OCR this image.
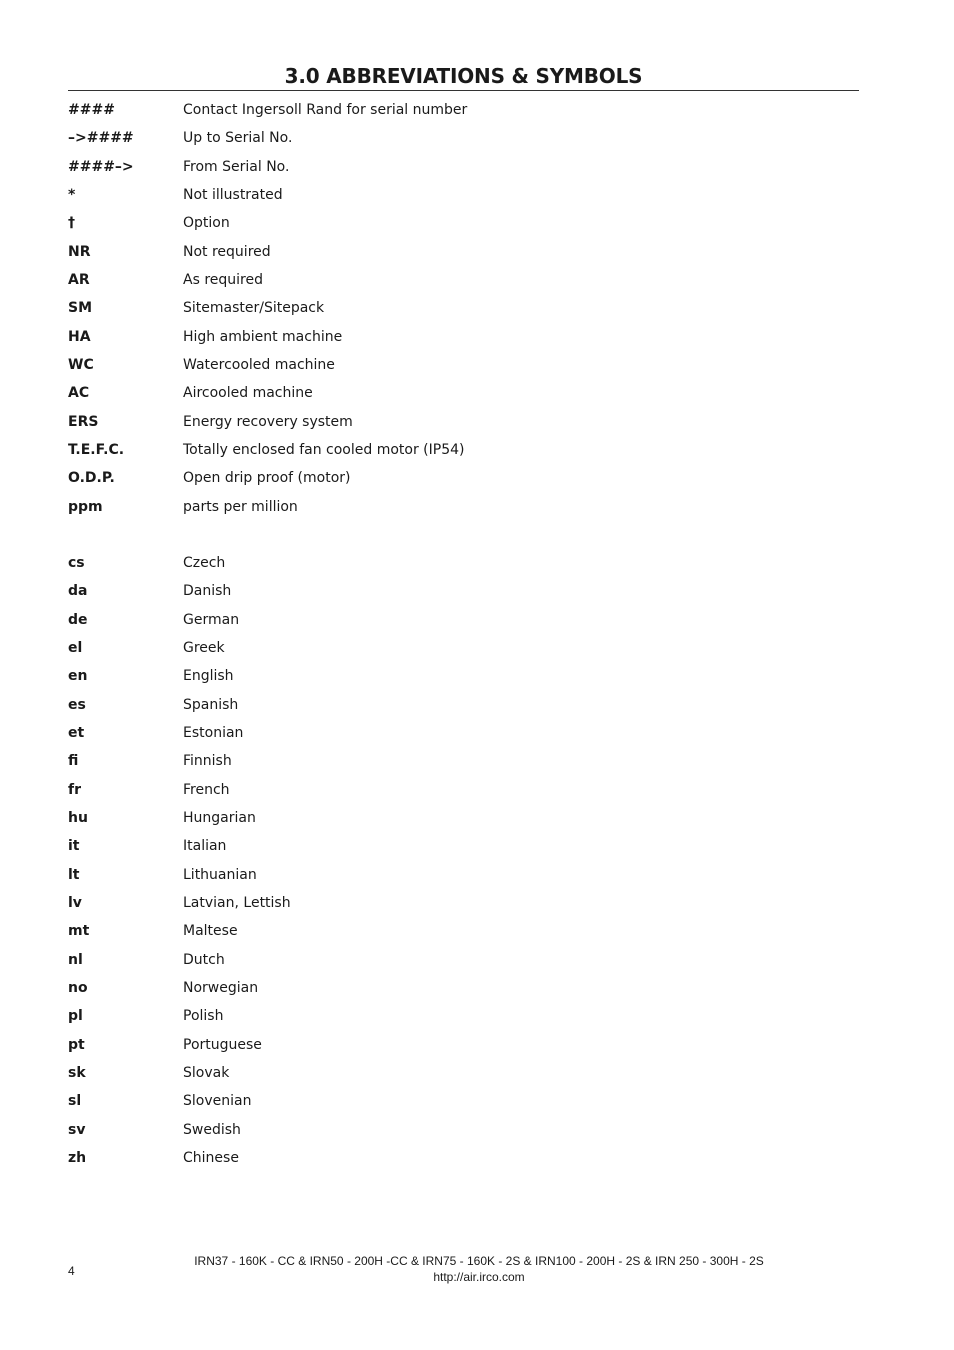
3.0 ABBREVIATIONS & SYMBOLS
####	Contact Ingersoll Rand for serial number
–>####	Up to Serial No.
####–>	From Serial No.
*	Not illustrated
†	Option
NR	Not required
AR	As required
SM	Sitemaster/Sitepack
HA	High ambient machine
WC	Watercooled machine
AC	Aircooled machine
ERS	Energy recovery system
T.E.F.C.	Totally enclosed fan cooled motor (IP54)
O.D.P.	Open drip proof (motor)
ppm	parts per million
cs	Czech
da	Danish
de	German
el	Greek
en	English
es	Spanish
et	Estonian
fi	Finnish
fr	French
hu	Hungarian
it	Italian
lt	Lithuanian
lv	Latvian, Lettish
mt	Maltese
nl	Dutch
no	Norwegian
pl	Polish
pt	Portuguese
sk	Slovak
sl	Slovenian
sv	Swedish
zh	Chinese
4
IRN37 - 160K - CC & IRN50 - 200H -CC & IRN75 - 160K - 2S & IRN100 - 200H - 2S & IRN 250 - 300H - 2S
http://air.irco.com
